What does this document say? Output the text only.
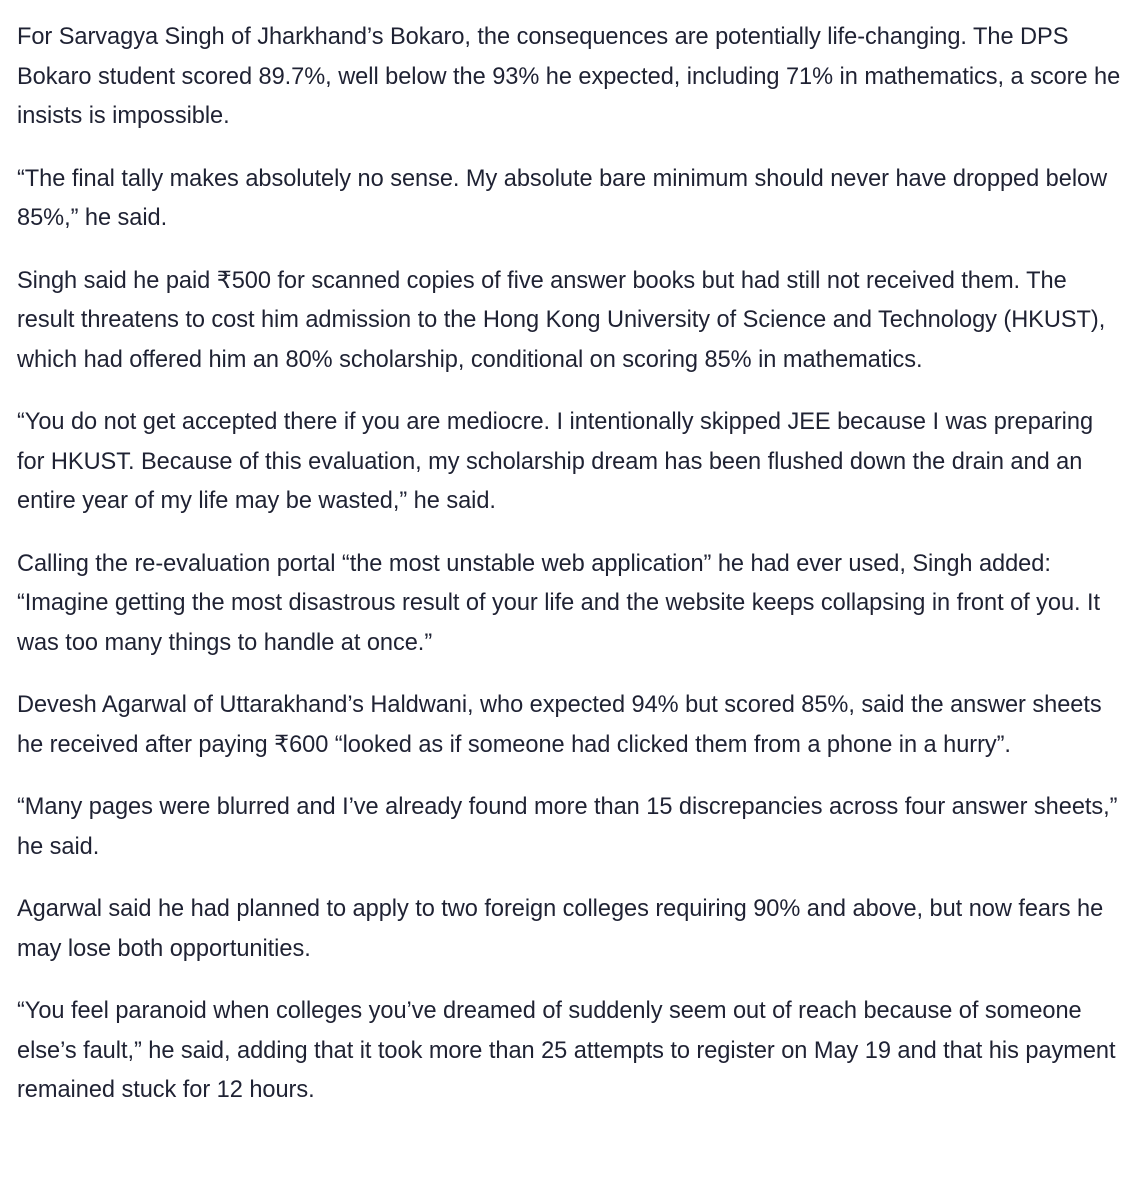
For Sarvagya Singh of Jharkhand’s Bokaro, the consequences are potentially life-changing. The DPS Bokaro student scored 89.7%, well below the 93% he expected, including 71% in mathematics, a score he insists is impossible.

“The final tally makes absolutely no sense. My absolute bare minimum should never have dropped below 85%,” he said.

Singh said he paid ₹500 for scanned copies of five answer books but had still not received them. The result threatens to cost him admission to the Hong Kong University of Science and Technology (HKUST), which had offered him an 80% scholarship, conditional on scoring 85% in mathematics.

“You do not get accepted there if you are mediocre. I intentionally skipped JEE because I was preparing for HKUST. Because of this evaluation, my scholarship dream has been flushed down the drain and an entire year of my life may be wasted,” he said.

Calling the re-evaluation portal “the most unstable web application” he had ever used, Singh added: “Imagine getting the most disastrous result of your life and the website keeps collapsing in front of you. It was too many things to handle at once.”

Devesh Agarwal of Uttarakhand’s Haldwani, who expected 94% but scored 85%, said the answer sheets he received after paying ₹600 “looked as if someone had clicked them from a phone in a hurry”.

“Many pages were blurred and I’ve already found more than 15 discrepancies across four answer sheets,” he said.

Agarwal said he had planned to apply to two foreign colleges requiring 90% and above, but now fears he may lose both opportunities.

“You feel paranoid when colleges you’ve dreamed of suddenly seem out of reach because of someone else’s fault,” he said, adding that it took more than 25 attempts to register on May 19 and that his payment remained stuck for 12 hours.
